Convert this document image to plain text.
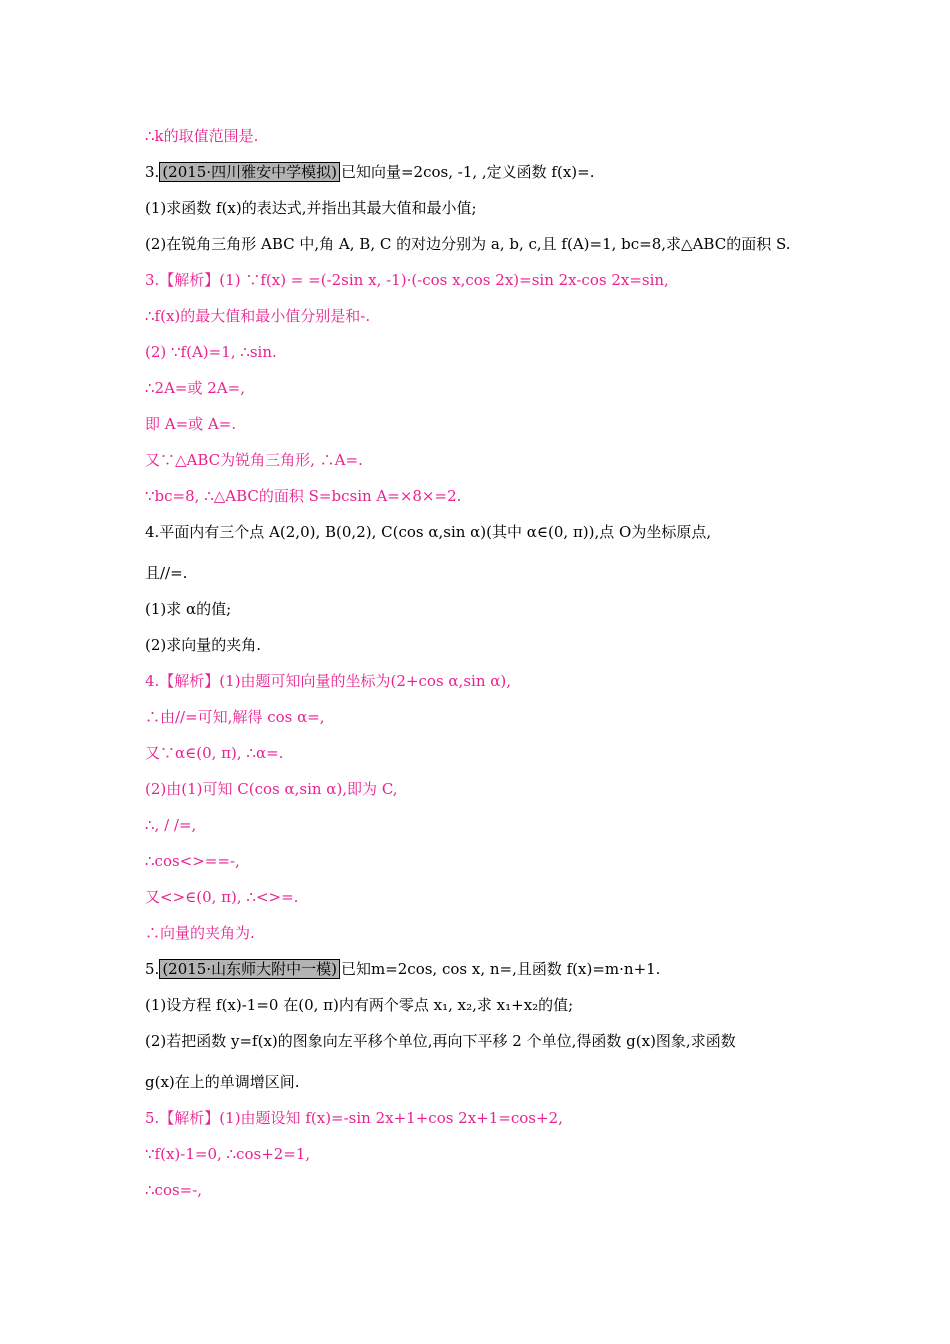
∴k的取值范围是.
3. (2015·四川雅安中学模拟) 已知向量=2cos, -1, ,定义函数 f(x)=.
(1)求函数 f(x)的表达式,并指出其最大值和最小值;
(2)在锐角三角形 ABC 中,角 A, B, C 的对边分别为 a, b, c,且 f(A)=1, bc=8,求△ABC的面积 S.
3.【解析】(1) ∵f(x) = =(-2sin x, -1)·(-cos x,cos 2x)=sin 2x-cos 2x=sin,
∴f(x)的最大值和最小值分别是和-.
(2) ∵f(A)=1, ∴sin.
∴2A=或 2A=,
即 A=或 A=.
又∵△ABC为锐角三角形, ∴A=.
∵bc=8, ∴△ABC的面积 S=bcsin A=×8×=2.
4.平面内有三个点 A(2,0), B(0,2), C(cos α,sin α)(其中 α∈(0, π)),点 O为坐标原点,
且//=.
(1)求 α的值;
(2)求向量的夹角.
4.【解析】(1)由题可知向量的坐标为(2+cos α,sin α),
∴由//=可知,解得 cos α=,
又∵α∈(0, π), ∴α=.
(2)由(1)可知 C(cos α,sin α),即为 C,
∴, / /=,
∴cos<>==-,
又<>∈(0, π), ∴<>=.
∴向量的夹角为.
5. (2015·山东师大附中一模) 已知m=2cos, cos x, n=,且函数 f(x)=m·n+1.
(1)设方程 f(x)-1=0 在(0, π)内有两个零点 x₁, x₂,求 x₁+x₂的值;
(2)若把函数 y=f(x)的图象向左平移个单位,再向下平移 2 个单位,得函数 g(x)图象,求函数
g(x)在上的单调增区间.
5.【解析】(1)由题设知 f(x)=-sin 2x+1+cos 2x+1=cos+2,
∵f(x)-1=0, ∴cos+2=1,
∴cos=-,
